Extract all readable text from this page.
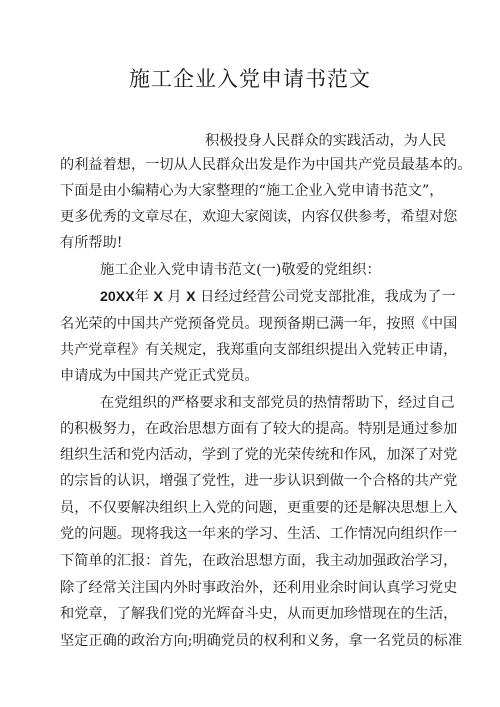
施工企业入党申请书范文
积极投身人民群众的实践活动，为人民
的利益着想，一切从人民群众出发是作为中国共产党员最基本的。
下面是由小编精心为大家整理的“施工企业入党申请书范文”，
更多优秀的文章尽在，欢迎大家阅读，内容仅供参考，希望对您
有所帮助!
施工企业入党申请书范文(一)敬爱的党组织：
20XX年 X 月 X 日经过经营公司党支部批准，我成为了一
名光荣的中国共产党预备党员。现预备期已满一年，按照《中国
共产党章程》有关规定，我郑重向支部组织提出入党转正申请，
申请成为中国共产党正式党员。
在党组织的严格要求和支部党员的热情帮助下，经过自己
的积极努力，在政治思想方面有了较大的提高。特别是通过参加
组织生活和党内活动，学到了党的光荣传统和作风，加深了对党
的宗旨的认识，增强了党性，进一步认识到做一个合格的共产党
员，不仅要解决组织上入党的问题，更重要的还是解决思想上入
党的问题。现将我这一年来的学习、生活、工作情况向组织作一
下简单的汇报：首先，在政治思想方面，我主动加强政治学习，
除了经常关注国内外时事政治外，还利用业余时间认真学习党史
和党章，了解我们党的光辉奋斗史，从而更加珍惜现在的生活，
坚定正确的政治方向;明确党员的权利和义务，拿一名党员的标准
